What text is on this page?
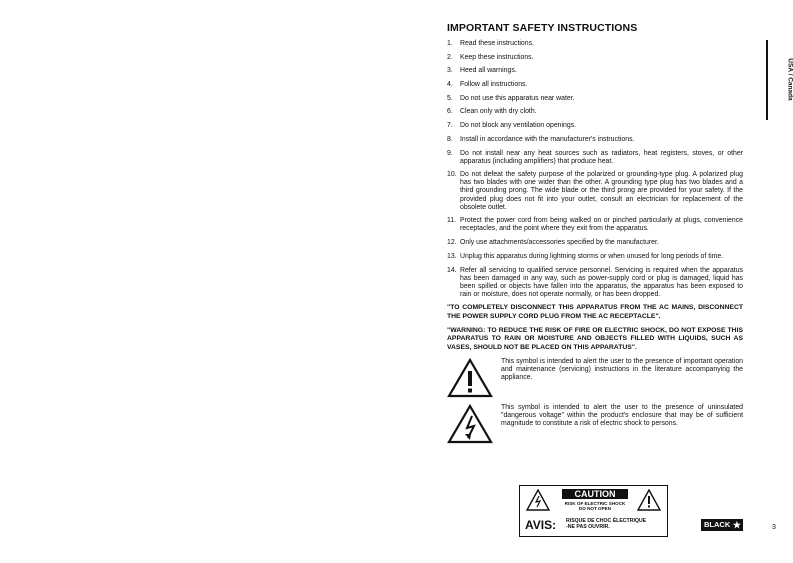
IMPORTANT SAFETY INSTRUCTIONS
1.	Read these instructions.
2.	Keep these instructions.
3.	Heed all warnings.
4.	Follow all instructions.
5.	Do not use this apparatus near water.
6.	Clean only with dry cloth.
7.	Do not block any ventilation openings.
8.	Install in accordance with the manufacturer's instructions.
9.	Do not install near any heat sources such as radiators, heat registers, stoves, or other apparatus (including amplifiers) that produce heat.
10. Do not defeat the safety purpose of the polarized or grounding-type plug. A polarized plug has two blades with one wider than the other. A grounding type plug has two blades and a third grounding prong. The wide blade or the third prong are provided for your safety. If the provided plug does not fit into your outlet, consult an electrician for replacement of the obsolete outlet.
11. Protect the power cord from being walked on or pinched particularly at plugs, convenience receptacles, and the point where they exit from the apparatus.
12. Only use attachments/accessories specified by the manufacturer.
13. Unplug this apparatus during lightning storms or when unused for long periods of time.
14. Refer all servicing to qualified service personnel. Servicing is required when the apparatus has been damaged in any way, such as power-supply cord or plug is damaged, liquid has been spilled or objects have fallen into the apparatus, the apparatus has been exposed to rain or moisture, does not operate normally, or has been dropped.
"TO COMPLETELY DISCONNECT THIS APPARATUS FROM THE AC MAINS, DISCONNECT THE POWER SUPPLY CORD PLUG FROM THE AC RECEPTACLE".
"WARNING: TO REDUCE THE RISK OF FIRE OR ELECTRIC SHOCK, DO NOT EXPOSE THIS APPARATUS TO RAIN OR MOISTURE AND OBJECTS FILLED WITH LIQUIDS, SUCH AS VASES, SHOULD NOT BE PLACED ON THIS APPARATUS".
This symbol is intended to alert the user to the presence of important operation and maintenance (servicing) instructions in the literature accompanying the appliance.
This symbol is intended to alert the user to the presence of uninsulated "dangerous voltage" within the product's enclosure that may be of sufficient magnitude to constitute a risk of electric shock to persons.
CAUTION
RISK OF ELECTRIC SHOCK
DO NOT OPEN
AVIS: RISQUE DE CHOC ÉLECTRIQUE
-NE PAS OUVRIR.
USA / Canada
BLACK ★	3
